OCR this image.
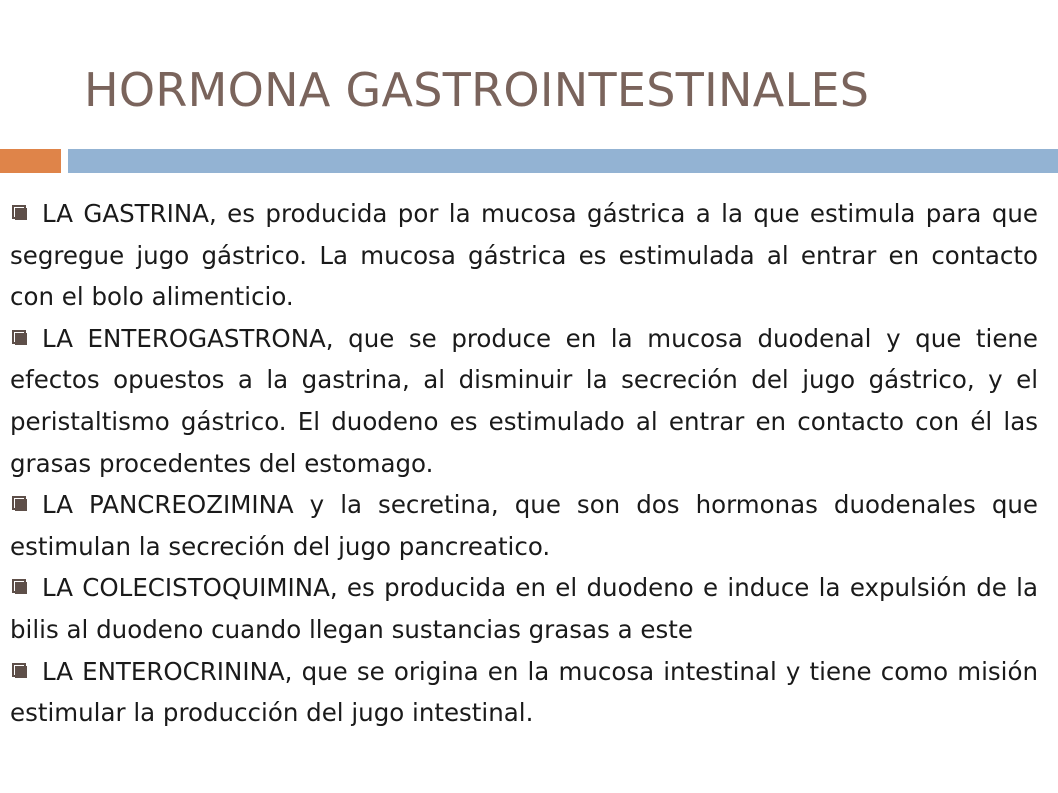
HORMONA GASTROINTESTINALES
LA GASTRINA, es producida por la mucosa gástrica a la que estimula para que segregue jugo gástrico. La mucosa gástrica es estimulada al entrar en contacto con el bolo alimenticio.
LA ENTEROGASTRONA, que se produce en la mucosa duodenal y que tiene efectos opuestos a la gastrina, al disminuir la secreción del jugo gástrico, y el peristaltismo gástrico. El duodeno es estimulado al entrar en contacto con él las grasas procedentes del estomago.
LA PANCREOZIMINA y la secretina, que son dos hormonas duodenales que estimulan la secreción del jugo pancreatico.
LA COLECISTOQUIMINA, es producida en el duodeno e induce la expulsión de la bilis al duodeno cuando llegan sustancias grasas a este
LA ENTEROCRININA, que se origina en la mucosa intestinal y tiene como misión estimular la producción del jugo intestinal.
